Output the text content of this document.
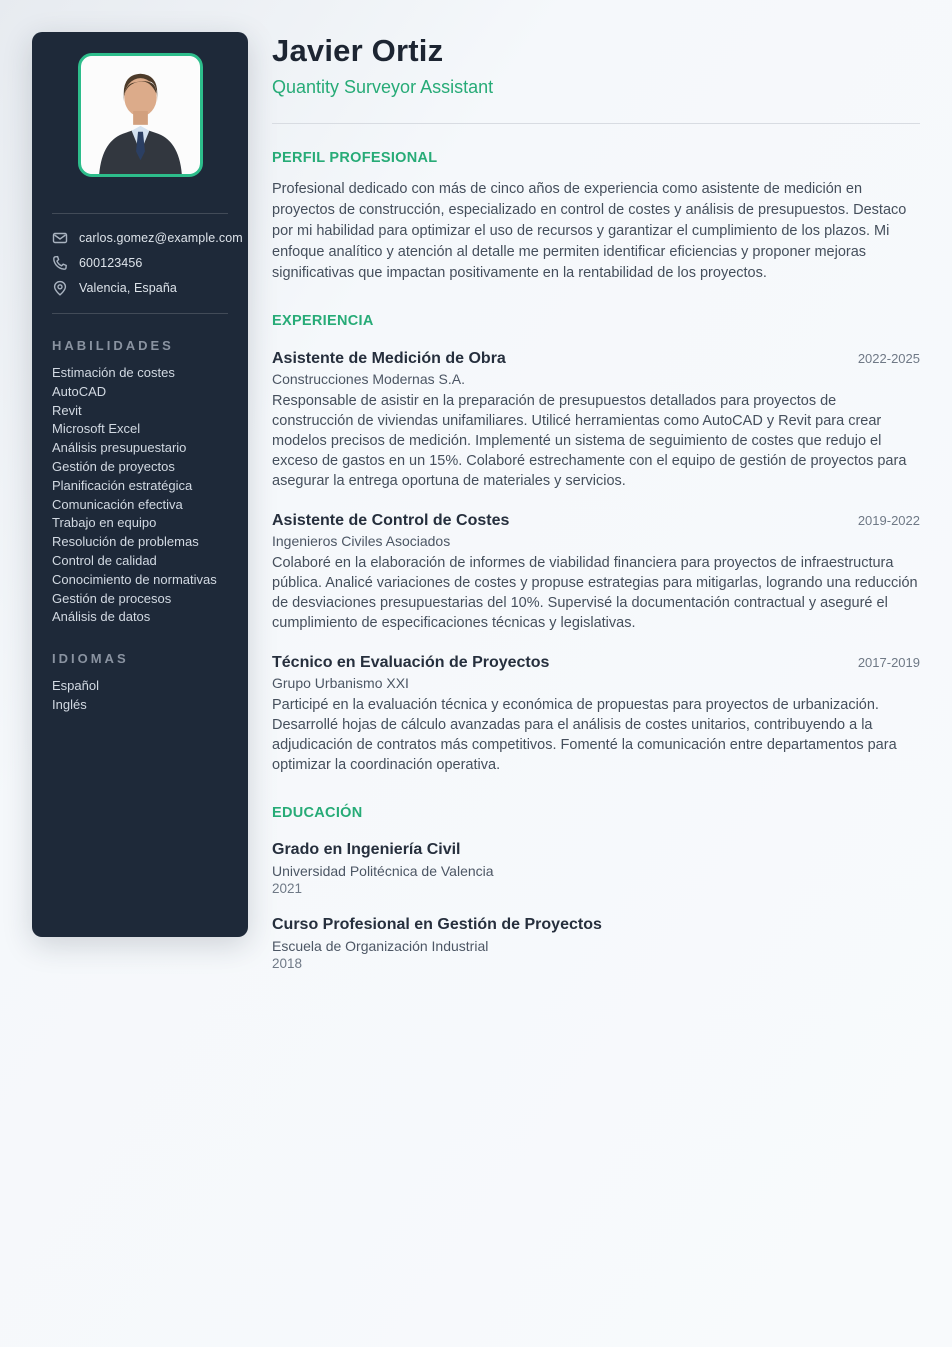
carlos.gomez@example.com
600123456
Valencia, España
HABILIDADES
Estimación de costes
AutoCAD
Revit
Microsoft Excel
Análisis presupuestario
Gestión de proyectos
Planificación estratégica
Comunicación efectiva
Trabajo en equipo
Resolución de problemas
Control de calidad
Conocimiento de normativas
Gestión de procesos
Análisis de datos
IDIOMAS
Español
Inglés
Javier Ortiz
Quantity Surveyor Assistant
PERFIL PROFESIONAL

Profesional dedicado con más de cinco años de experiencia como asistente de medición en proyectos de construcción, especializado en control de costes y análisis de presupuestos. Destaco por mi habilidad para optimizar el uso de recursos y garantizar el cumplimiento de los plazos. Mi enfoque analítico y atención al detalle me permiten identificar eficiencias y proponer mejoras significativas que impactan positivamente en la rentabilidad de los proyectos.

EXPERIENCIA
Asistente de Medición de Obra	2022-2025
Construcciones Modernas S.A.

Responsable de asistir en la preparación de presupuestos detallados para proyectos de construcción de viviendas unifamiliares. Utilicé herramientas como AutoCAD y Revit para crear modelos precisos de medición. Implementé un sistema de seguimiento de costes que redujo el exceso de gastos en un 15%. Colaboré estrechamente con el equipo de gestión de proyectos para asegurar la entrega oportuna de materiales y servicios.

Asistente de Control de Costes	2019-2022
Ingenieros Civiles Asociados

Colaboré en la elaboración de informes de viabilidad financiera para proyectos de infraestructura pública. Analicé variaciones de costes y propuse estrategias para mitigarlas, logrando una reducción de desviaciones presupuestarias del 10%. Supervisé la documentación contractual y aseguré el cumplimiento de especificaciones técnicas y legislativas.

Técnico en Evaluación de Proyectos	2017-2019
Grupo Urbanismo XXI

Participé en la evaluación técnica y económica de propuestas para proyectos de urbanización. Desarrollé hojas de cálculo avanzadas para el análisis de costes unitarios, contribuyendo a la adjudicación de contratos más competitivos. Fomenté la comunicación entre departamentos para optimizar la coordinación operativa.

EDUCACIÓN
Grado en Ingeniería Civil
Universidad Politécnica de Valencia
2021
Curso Profesional en Gestión de Proyectos
Escuela de Organización Industrial
2018
